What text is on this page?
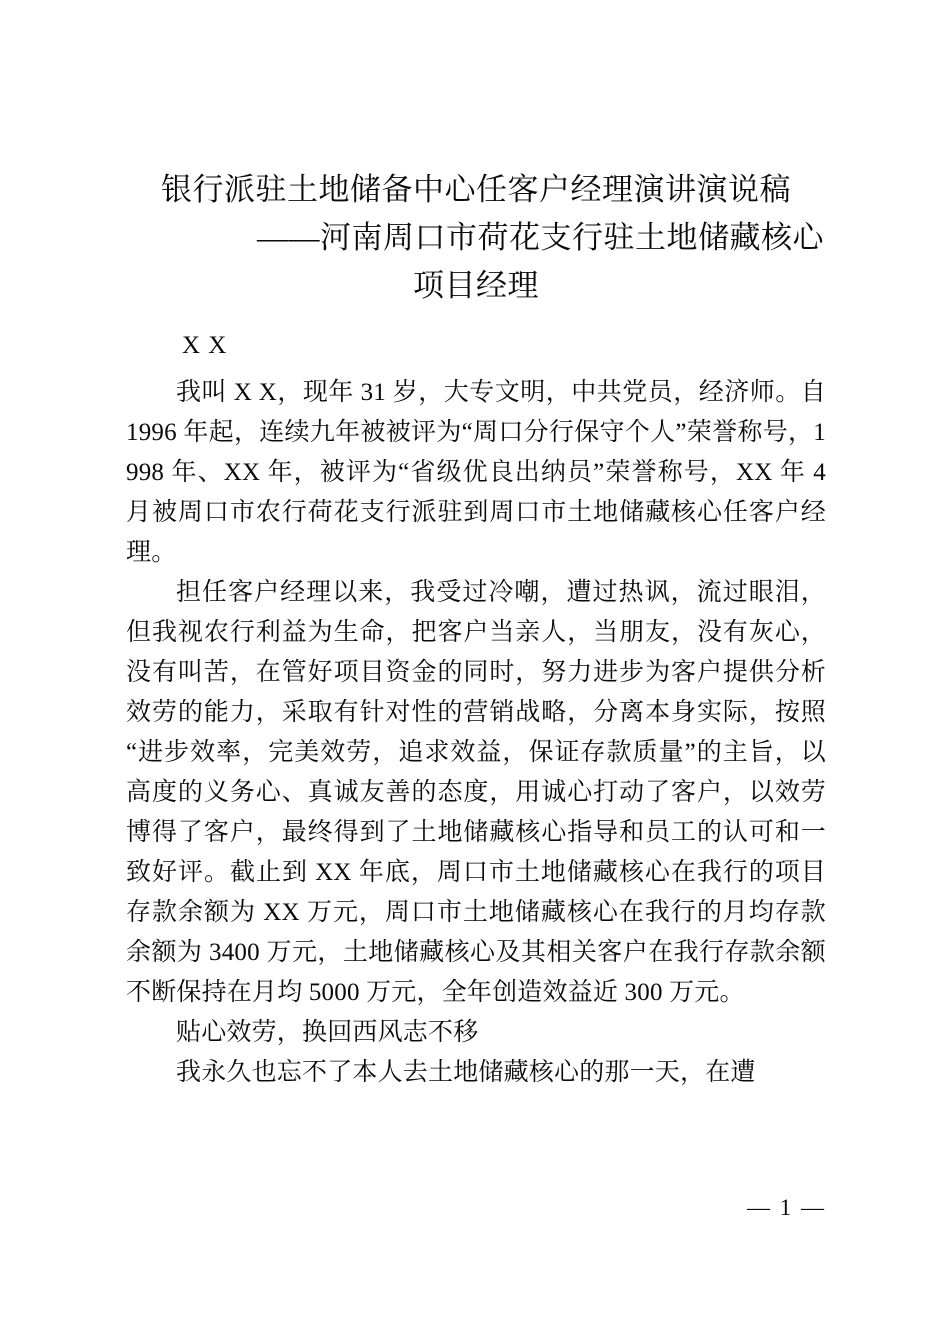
银行派驻土地储备中心任客户经理演讲演说稿
——河南周口市荷花支行驻土地储藏核心
项目经理

X X

我叫 X X，现年 31 岁，大专文明，中共党员，经济师。自 1996 年起，连续九年被被评为“周口分行保守个人”荣誉称号，1998 年、XX 年，被评为“省级优良出纳员”荣誉称号，XX 年 4 月被周口市农行荷花支行派驻到周口市土地储藏核心任客户经理。

担任客户经理以来，我受过冷嘲，遭过热讽，流过眼泪，但我视农行利益为生命，把客户当亲人，当朋友，没有灰心，没有叫苦，在管好项目资金的同时，努力进步为客户提供分析效劳的能力，采取有针对性的营销战略，分离本身实际，按照“进步效率，完美效劳，追求效益，保证存款质量”的主旨，以高度的义务心、真诚友善的态度，用诚心打动了客户，以效劳博得了客户，最终得到了土地储藏核心指导和员工的认可和一致好评。截止到 XX 年底，周口市土地储藏核心在我行的项目存款余额为 XX 万元，周口市土地储藏核心在我行的月均存款余额为 3400 万元，土地储藏核心及其相关客户在我行存款余额不断保持在月均 5000 万元，全年创造效益近 300 万元。

贴心效劳，换回西风志不移

我永久也忘不了本人去土地储藏核心的那一天，在遭

— 1 —
